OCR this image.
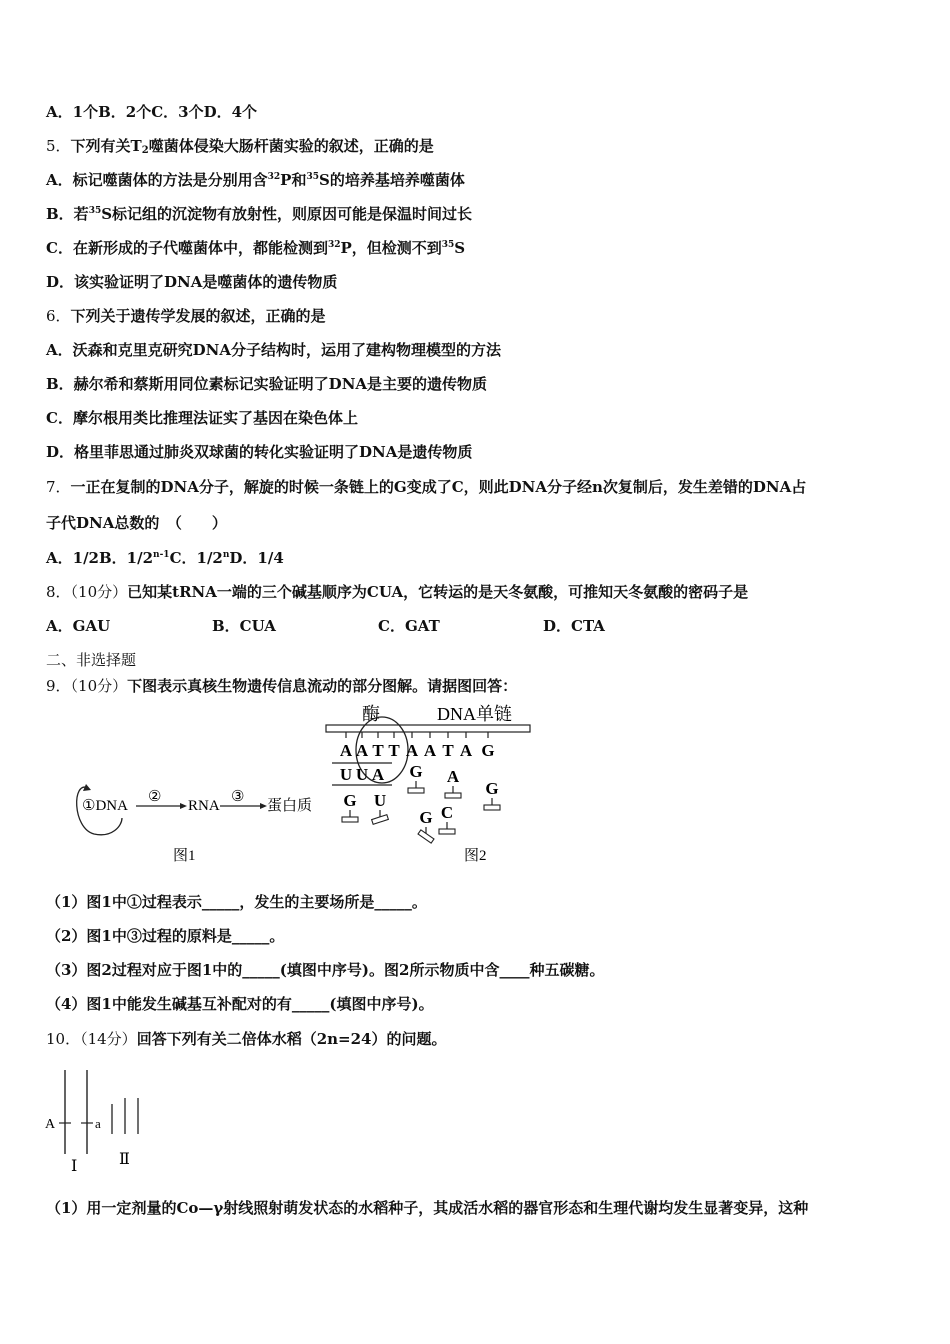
A．1个B．2个C．3个D．4个
5．下列有关$T_2$噬菌体侵染大肠杆菌实验的叙述，正确的是
A．标记噬菌体的方法是分别用含$^{32}$P和$^{35}$S的培养基培养噬菌体
B．若$^{35}$S标记组的沉淀物有放射性，则原因可能是保温时间过长
C．在新形成的子代噬菌体中，都能检测到$^{32}$P，但检测不到$^{35}$S
D．该实验证明了DNA是噬菌体的遗传物质
6．下列关于遗传学发展的叙述，正确的是
A．沃森和克里克研究DNA分子结构时，运用了建构物理模型的方法
B．赫尔希和蔡斯用同位素标记实验证明了DNA是主要的遗传物质
C．摩尔根用类比推理法证实了基因在染色体上
D．格里菲思通过肺炎双球菌的转化实验证明了DNA是遗传物质
7．一正在复制的DNA分子，解旋的时候一条链上的G变成了C，则此DNA分子经n次复制后，发生差错的DNA占
子代DNA总数的　（　　）
A．1/2B．1/2$^{n-1}$C．1/2$^n$D．1/4
8．（10分）已知某tRNA一端的三个碱基顺序为CUA，它转运的是天冬氨酸，可推知天冬氨酸的密码子是
A．GAU	B．CUA	C．GAT	D．CTA
二、非选择题
9．（10分）下图表示真核生物遗传信息流动的部分图解。请据图回答：
①DNA
②
RNA
③
蛋白质
图1
酶	DNA单链
A A T T A A T A G
U U A G A
G
G U
G C
图2
（1）图1中①过程表示_____，发生的主要场所是_____。
（2）图1中③过程的原料是_____。
（3）图2过程对应于图1中的_____(填图中序号)。图2所示物质中含____种五碳糖。
（4）图1中能发生碱基互补配对的有_____(填图中序号)。
10．（14分）回答下列有关二倍体水稻（2n=24）的问题。
A	a
Ⅰ	Ⅱ
（1）用一定剂量的Co—γ射线照射萌发状态的水稻种子，其成活水稻的器官形态和生理代谢均发生显著变异，这种
